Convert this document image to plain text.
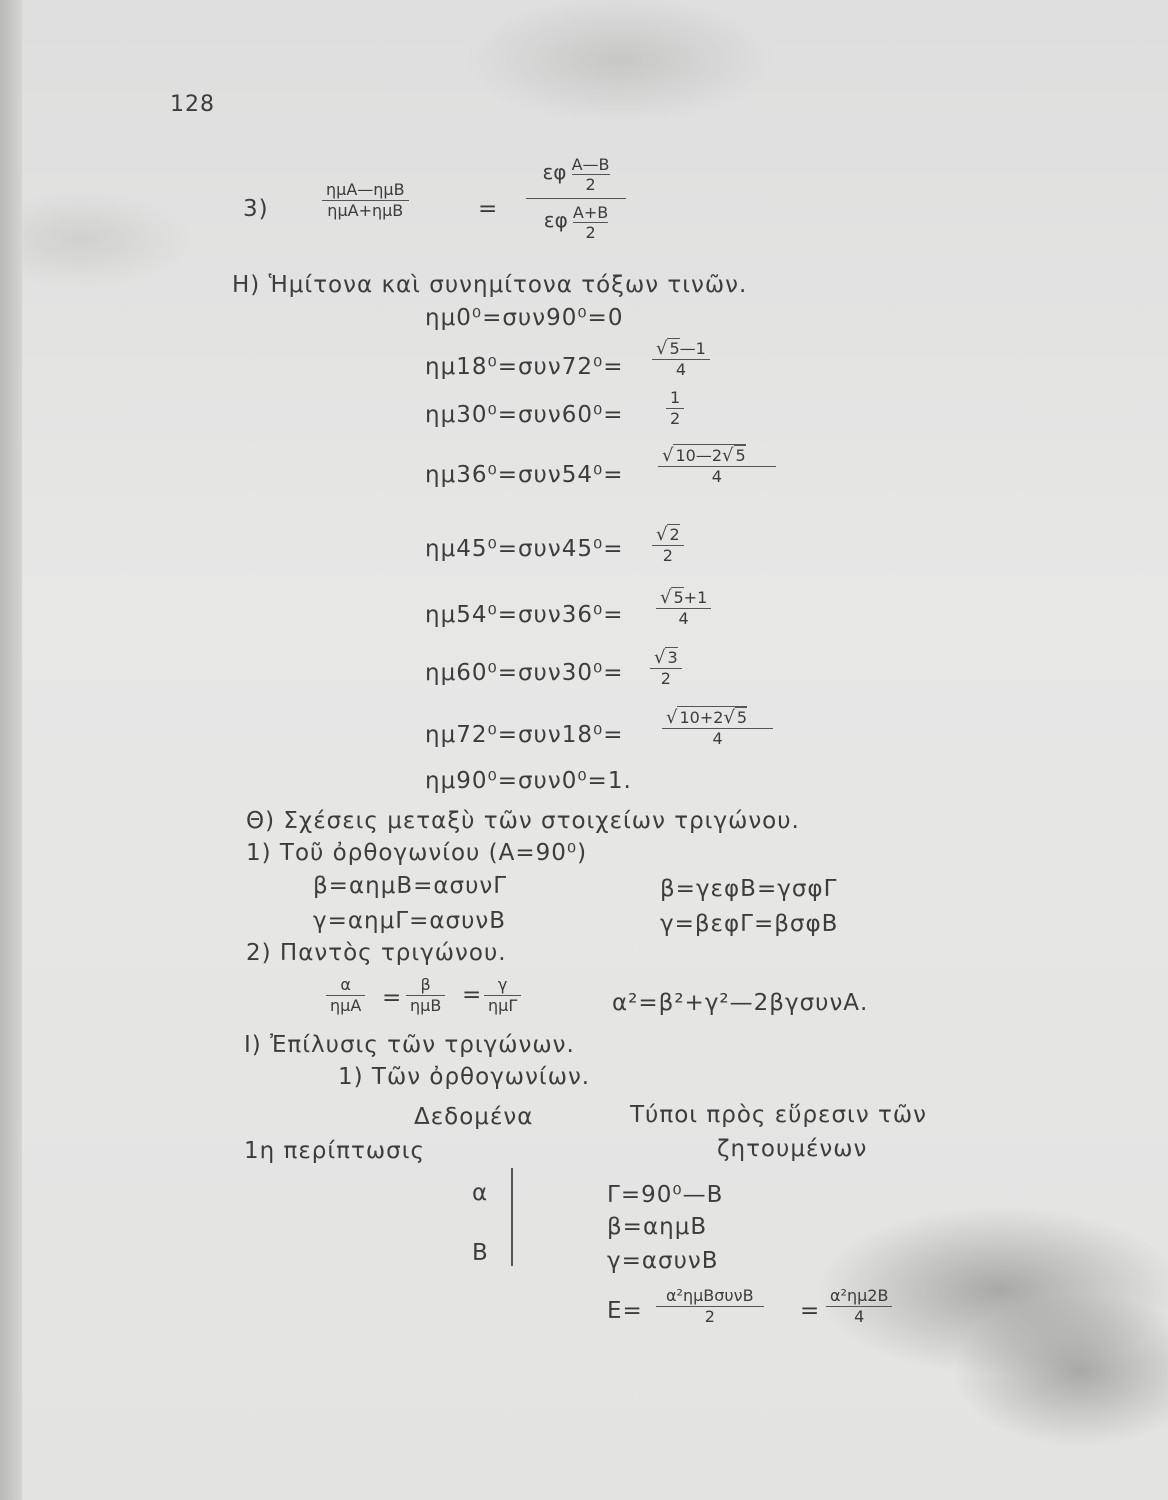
128
3)
ημΑ—ημΒ
ημΑ+ημΒ	= $\frac{\varepsilon\varphi \frac{A—B}{2}}{\varepsilon\varphi \frac{A+B}{2}}$
Η) Ἡμίτονα καὶ συνημίτονα τόξων τινῶν.
ημ0⁰=συν90⁰=0
$\eta\mu 18^0=\sigma\upsilon\nu 72^0= \frac{√ 5—1}{4}$
ημ30⁰=συν60⁰=	$\frac{1}{2}$
$\eta\mu 36^0=\sigma\upsilon\nu 54^0= \frac{√ 10—2√ 5}{4}$
$\eta\mu 45^0=\sigma\upsilon\nu 45^0= \frac{√ 2}{2}$
$\eta\mu 54^0=\sigma\upsilon\nu 36^0= \frac{√ 5+1}{4}$
$\eta\mu 60^0=\sigma\upsilon\nu 30^0= \frac{√ 3}{2}$
$\eta\mu 72^0=\sigma\upsilon\nu 18^0= \frac{√ 10+2√ 5}{4}$
ημ90⁰=συν0⁰=1.
Θ) Σχέσεις μεταξὺ τῶν στοιχείων τριγώνου.
1) Τοῦ ὀρθογωνίου (Α=90⁰)
β=αημΒ=ασυνΓ
γ=αημΓ=ασυνΒ
β=γεφΒ=γσφΓ
γ=βεφΓ=βσφΒ
2) Παντὸς τριγώνου.
α
ημΑ =
β
ημΒ = γ
ημΓ	α²=β²+γ²—2βγσυνΑ.
Ι) Ἐπίλυσις τῶν τριγώνων.
1) Τῶν ὀρθογωνίων.
Δεδομένα	Τύποι πρὸς εὕρεσιν τῶν
ζητουμένων
1η περίπτωσις
α
Β
Γ=90⁰—Β
β=αημΒ
γ=ασυνΒ
Ε=
α²ημΒσυνΒ
2	= $\frac{\text{α²ημ2Β}}{4}$
